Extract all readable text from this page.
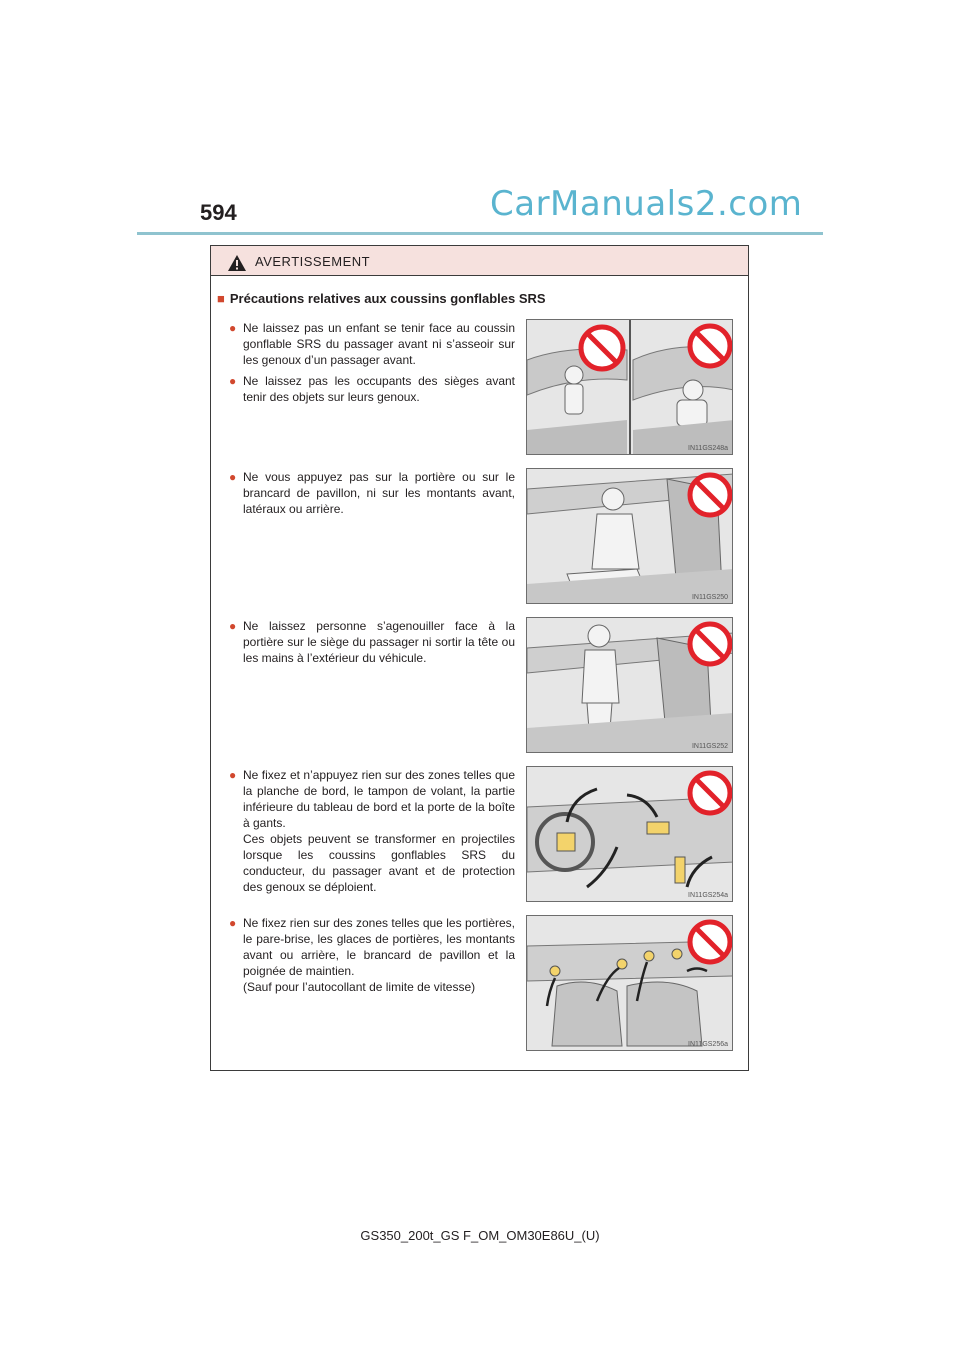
594	CarManuals2.com
AVERTISSEMENT
■ Précautions relatives aux coussins gonflables SRS
● Ne laissez pas un enfant se tenir face au coussin gonflable SRS du passager avant ni s’asseoir sur les genoux d’un passager avant.
● Ne laissez pas les occupants des sièges avant tenir des objets sur leurs genoux.
● Ne vous appuyez pas sur la portière ou sur le brancard de pavillon, ni sur les montants avant, latéraux ou arrière.
● Ne laissez personne s’agenouiller face à la portière sur le siège du passager ni sortir la tête ou les mains à l’extérieur du véhicule.
● Ne fixez et n’appuyez rien sur des zones telles que la planche de bord, le tampon de volant, la partie inférieure du tableau de bord et la porte de la boîte à gants.
Ces objets peuvent se transformer en projectiles lorsque les coussins gonflables SRS du conducteur, du passager avant et de protection des genoux se déploient.
● Ne fixez rien sur des zones telles que les portières, le pare-brise, les glaces de portières, les montants avant ou arrière, le brancard de pavillon et la poignée de maintien.
(Sauf pour l’autocollant de limite de vitesse)
IN11GS248a
IN11GS250
IN11GS252
IN11GS254a
IN11GS256a
GS350_200t_GS F_OM_OM30E86U_(U)
